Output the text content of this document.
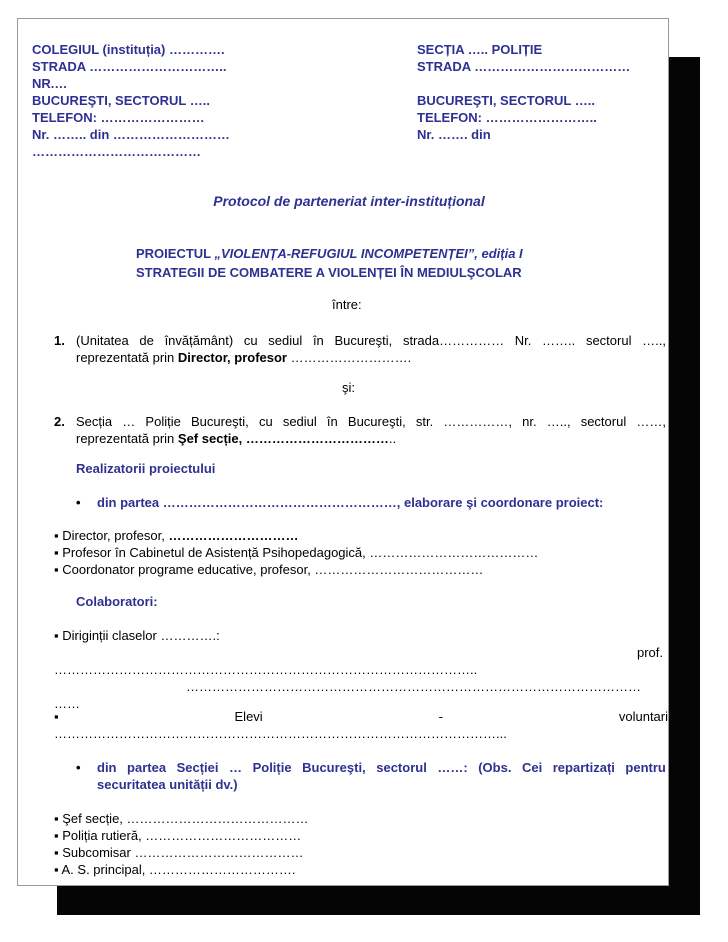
COLEGIUL (instituția) ………….
STRADA …………………………..
NR.…
BUCUREŞTI, SECTORUL …..
TELEFON: ……………………
Nr. …….. din ………………………
…………………………………
SECȚIA ….. POLIȚIE
STRADA ………………………………
BUCUREŞTI, SECTORUL …..
TELEFON: ……………………..
Nr. ……. din
Protocol de parteneriat inter-instituțional
PROIECTUL „VIOLENȚA-REFUGIUL INCOMPETENȚEI”, ediția I
STRATEGII DE COMBATERE A VIOLENȚEI ÎN MEDIULŞCOLAR
între:
1. (Unitatea de învățământ) cu sediul în Bucureşti, strada…………… Nr. …….. sectorul …..,
reprezentată prin Director, profesor ……………………….
şi:
2. Secția … Poliție Bucureşti, cu sediul în Bucureşti, str. ……………, nr. ….., sectorul ……,
reprezentată prin Şef secție, ……………………………..
Realizatorii proiectului
• din partea ………………………………………………, elaborare şi coordonare proiect:
▪ Director, profesor, …………………………
▪ Profesor în Cabinetul de Asistență Psihopedagogică, …………………………………
▪ Coordonator programe educative, profesor, …………………………………
Colaboratori:
▪ Diriginții claselor ………….:
prof.
……………………………………………………………………………………..
……………………………………………………………………………………………
……
▪	Elevi	-	voluntari
…………………………………………………………………………………………...
• din partea Secției … Poliție Bucureşti, sectorul ……: (Obs. Cei repartizați pentru
securitatea unității dv.)
▪ Şef secție, ……………………………………
▪ Poliția rutieră, ………………………………
▪ Subcomisar …………………………………
▪ A. S. principal, …………………………….
